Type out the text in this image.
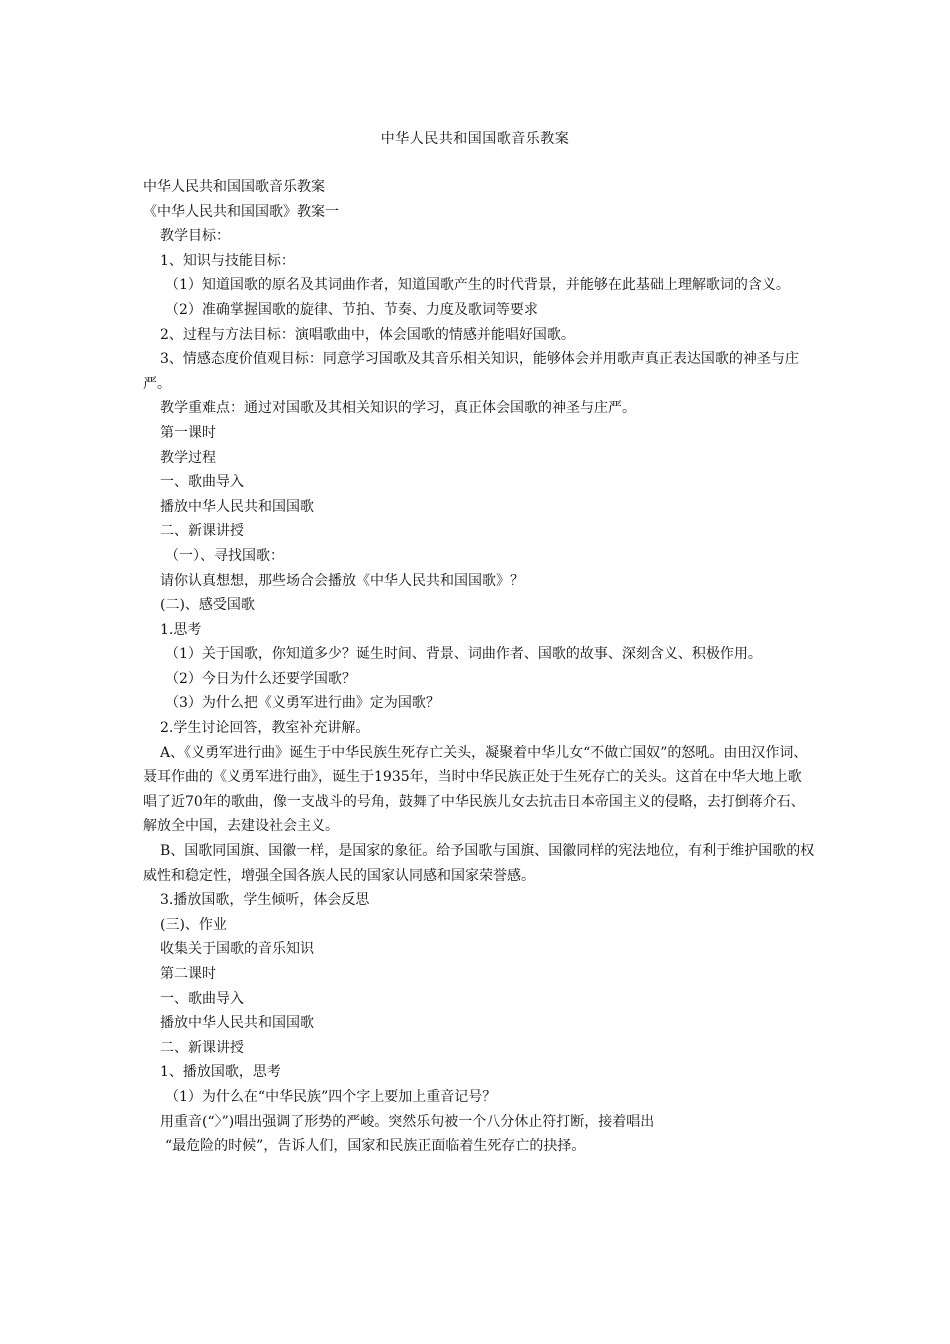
中华人民共和国国歌音乐教案

中华人民共和国国歌音乐教案

《中华人民共和国国歌》教案一

教学目标：

1、知识与技能目标：

（1）知道国歌的原名及其词曲作者，知道国歌产生的时代背景，并能够在此基础上理解歌词的含义。

（2）准确掌握国歌的旋律、节拍、节奏、力度及歌词等要求

2、过程与方法目标：演唱歌曲中，体会国歌的情感并能唱好国歌。

3、情感态度价值观目标：同意学习国歌及其音乐相关知识，能够体会并用歌声真正表达国歌的神圣与庄严。

教学重难点：通过对国歌及其相关知识的学习，真正体会国歌的神圣与庄严。

第一课时

教学过程

一、歌曲导入

播放中华人民共和国国歌

二、新课讲授

（一）、寻找国歌：

请你认真想想，那些场合会播放《中华人民共和国国歌》？

(二)、感受国歌

1.思考

（1）关于国歌，你知道多少？诞生时间、背景、词曲作者、国歌的故事、深刻含义、积极作用。

（2）今日为什么还要学国歌？

（3）为什么把《义勇军进行曲》定为国歌？

2.学生讨论回答，教室补充讲解。

A、《义勇军进行曲》诞生于中华民族生死存亡关头，凝聚着中华儿女“不做亡国奴”的怒吼。由田汉作词、聂耳作曲的《义勇军进行曲》，诞生于1935年，当时中华民族正处于生死存亡的关头。这首在中华大地上歌唱了近70年的歌曲，像一支战斗的号角，鼓舞了中华民族儿女去抗击日本帝国主义的侵略，去打倒蒋介石、解放全中国，去建设社会主义。

B、国歌同国旗、国徽一样，是国家的象征。给予国歌与国旗、国徽同样的宪法地位，有利于维护国歌的权威性和稳定性，增强全国各族人民的国家认同感和国家荣誉感。

3.播放国歌，学生倾听，体会反思

(三)、作业

收集关于国歌的音乐知识

第二课时

一、歌曲导入

播放中华人民共和国国歌

二、新课讲授

1、播放国歌，思考

（1）为什么在“中华民族”四个字上要加上重音记号？

用重音(“〉”)唱出强调了形势的严峻。突然乐句被一个八分休止符打断，接着唱出

“最危险的时候”，告诉人们，国家和民族正面临着生死存亡的抉择。
